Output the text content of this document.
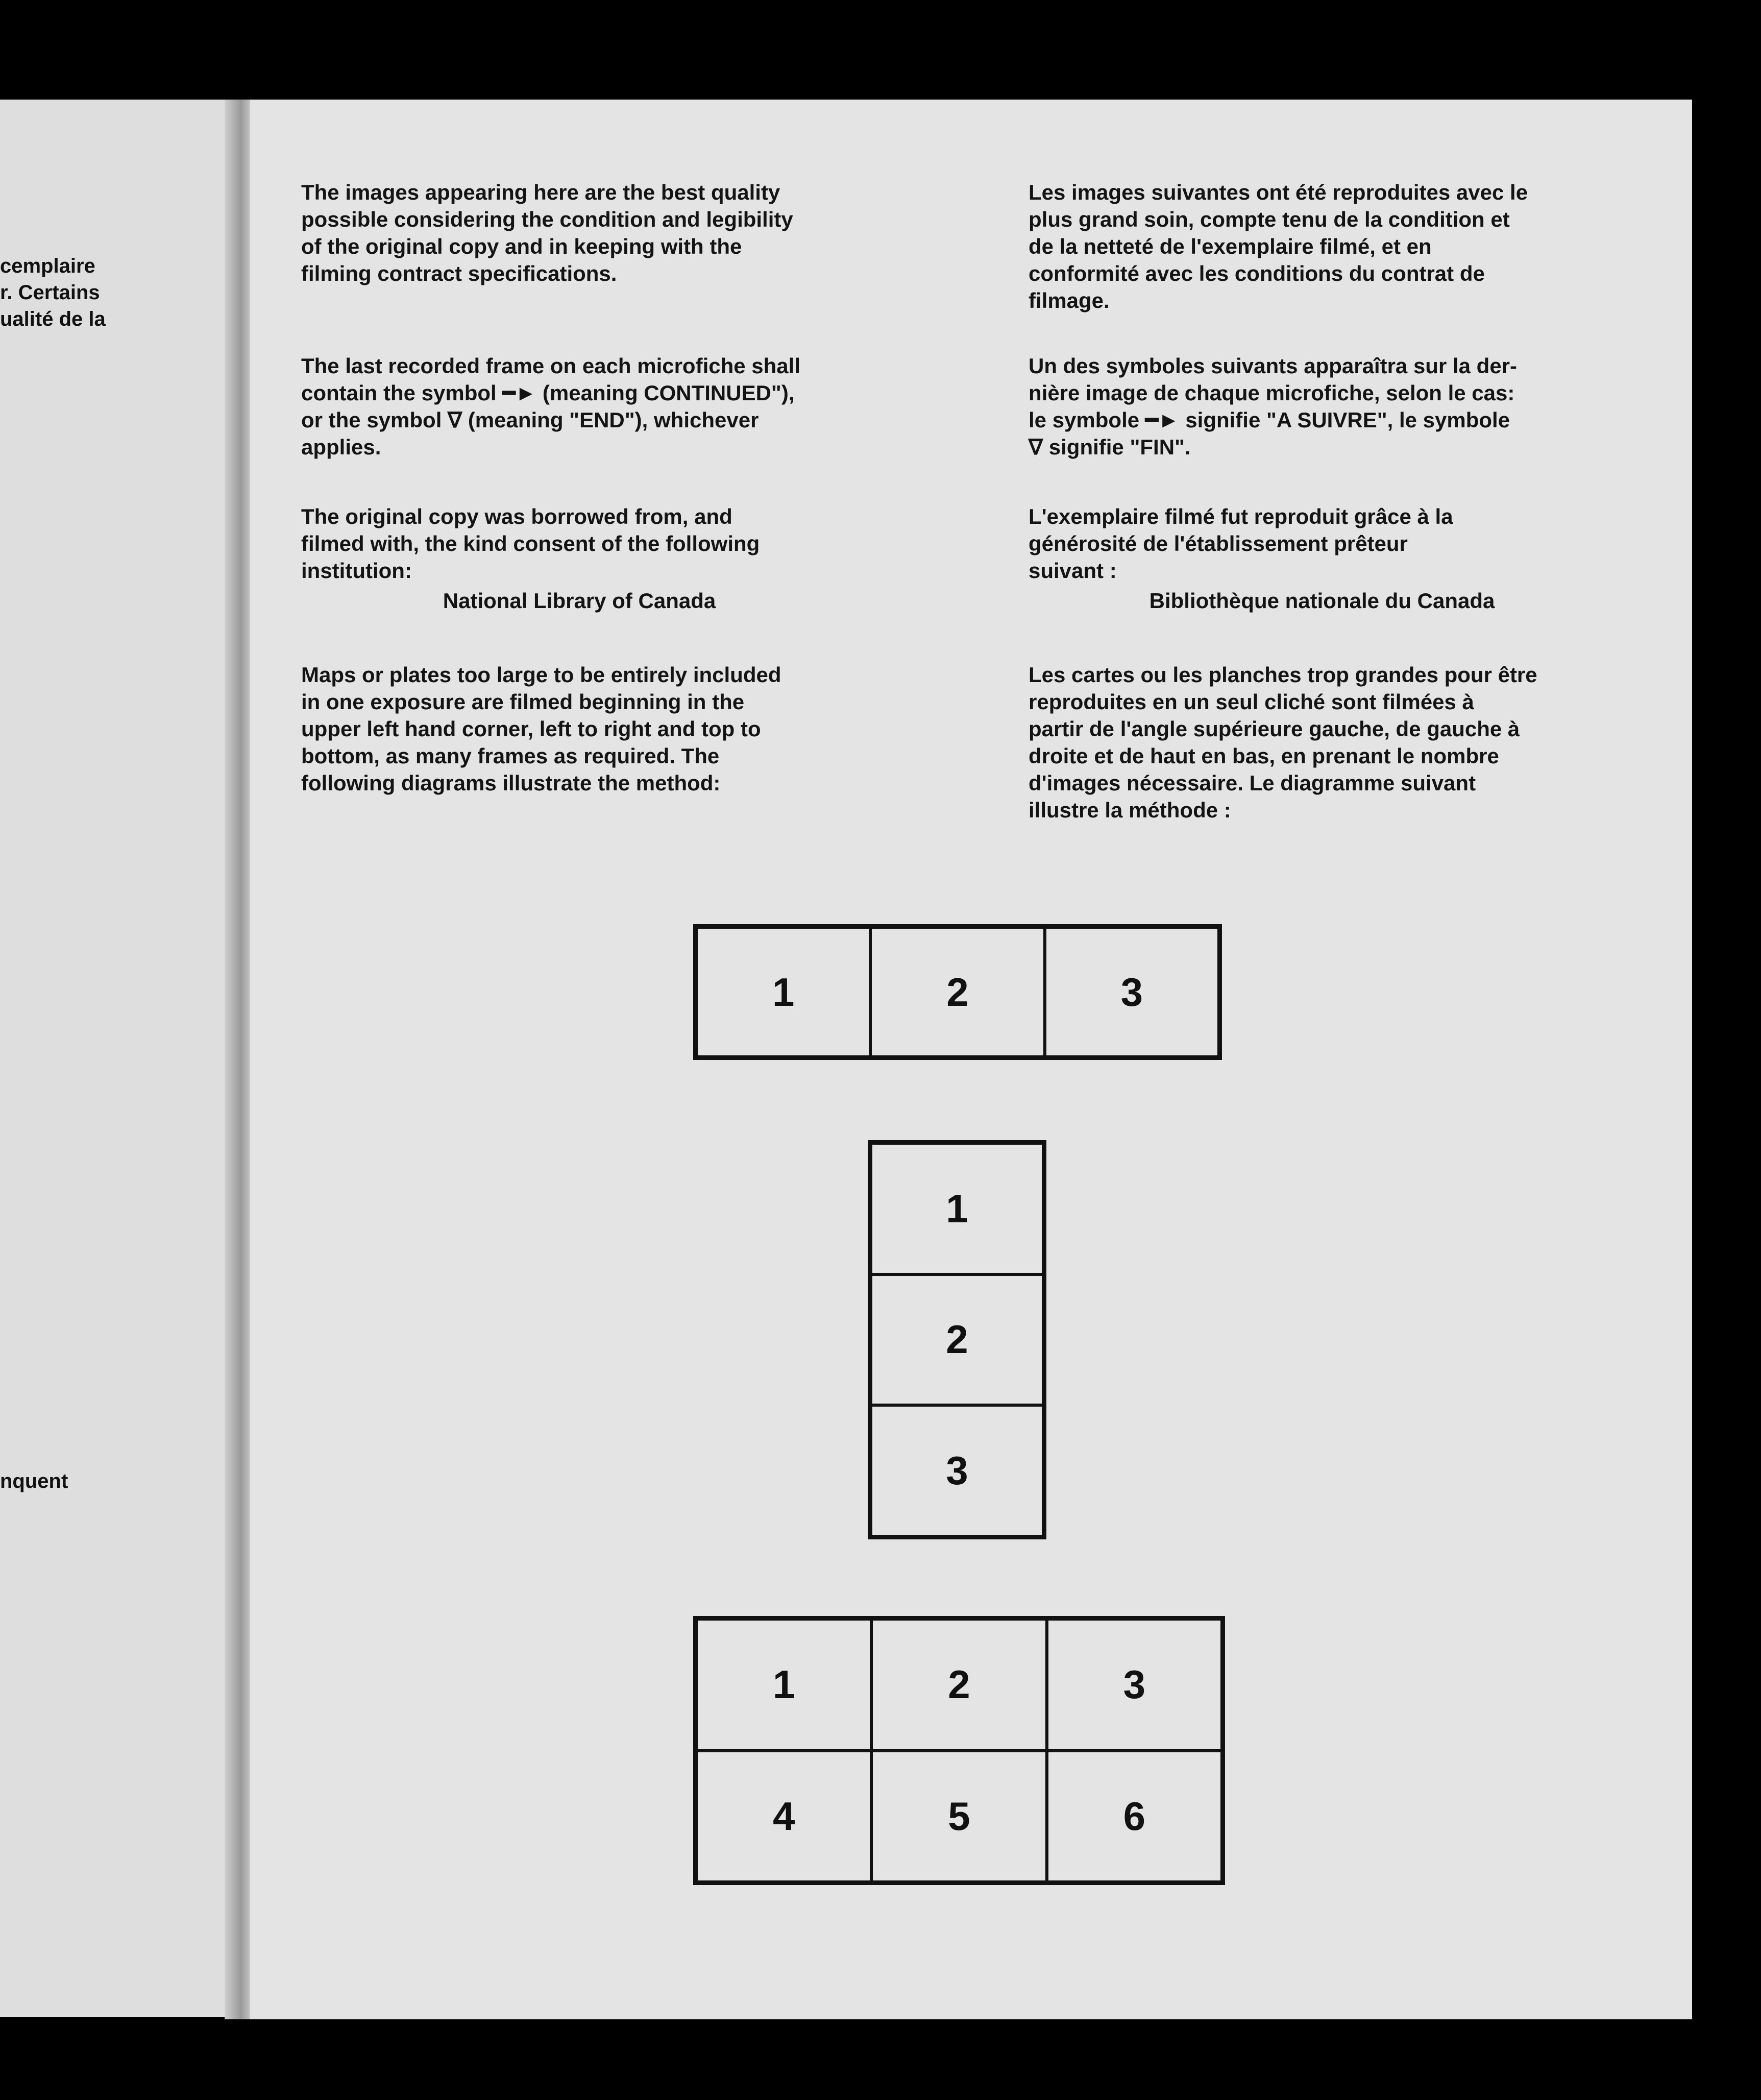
cemplaire
r. Certains
ualité de la
nquent
The images appearing here are the best quality
possible considering the condition and legibility
of the original copy and in keeping with the
filming contract specifications.
The last recorded frame on each microfiche shall
contain the symbol ━► (meaning CONTINUED"),
or the symbol ∇ (meaning "END"), whichever
applies.
The original copy was borrowed from, and
filmed with, the kind consent of the following
institution:
National Library of Canada
Maps or plates too large to be entirely included
in one exposure are filmed beginning in the
upper left hand corner, left to right and top to
bottom, as many frames as required. The
following diagrams illustrate the method:
Les images suivantes ont été reproduites avec le
plus grand soin, compte tenu de la condition et
de la netteté de l'exemplaire filmé, et en
conformité avec les conditions du contrat de
filmage.
Un des symboles suivants apparaîtra sur la der-
nière image de chaque microfiche, selon le cas:
le symbole ━► signifie "A SUIVRE", le symbole
∇ signifie "FIN".
L'exemplaire filmé fut reproduit grâce à la
générosité de l'établissement prêteur
suivant :
Bibliothèque nationale du Canada
Les cartes ou les planches trop grandes pour être
reproduites en un seul cliché sont filmées à
partir de l'angle supérieure gauche, de gauche à
droite et de haut en bas, en prenant le nombre
d'images nécessaire. Le diagramme suivant
illustre la méthode :
1	2	3
1
2
3
1	2	3
4	5	6
